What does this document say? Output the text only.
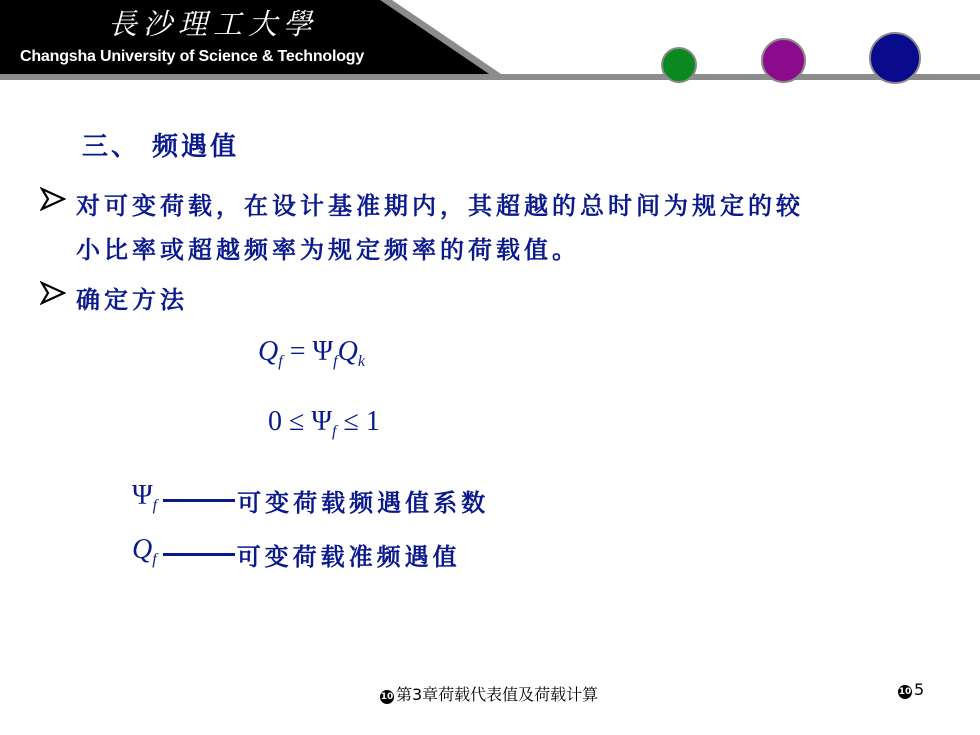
長沙理工大學
Changsha University of Science & Technology
三、 频遇值
对可变荷载，在设计基准期内，其超越的总时间为规定的较
小比率或超越频率为规定频率的荷载值。
确定方法
$Q_f = \Psi_fQ_k$
$0 \le \Psi_f \le 1$
$\Psi_f$	可变荷载频遇值系数
$Q_f$	可变荷载准频遇值
10 第3章荷载代表值及荷载计算	10 5
